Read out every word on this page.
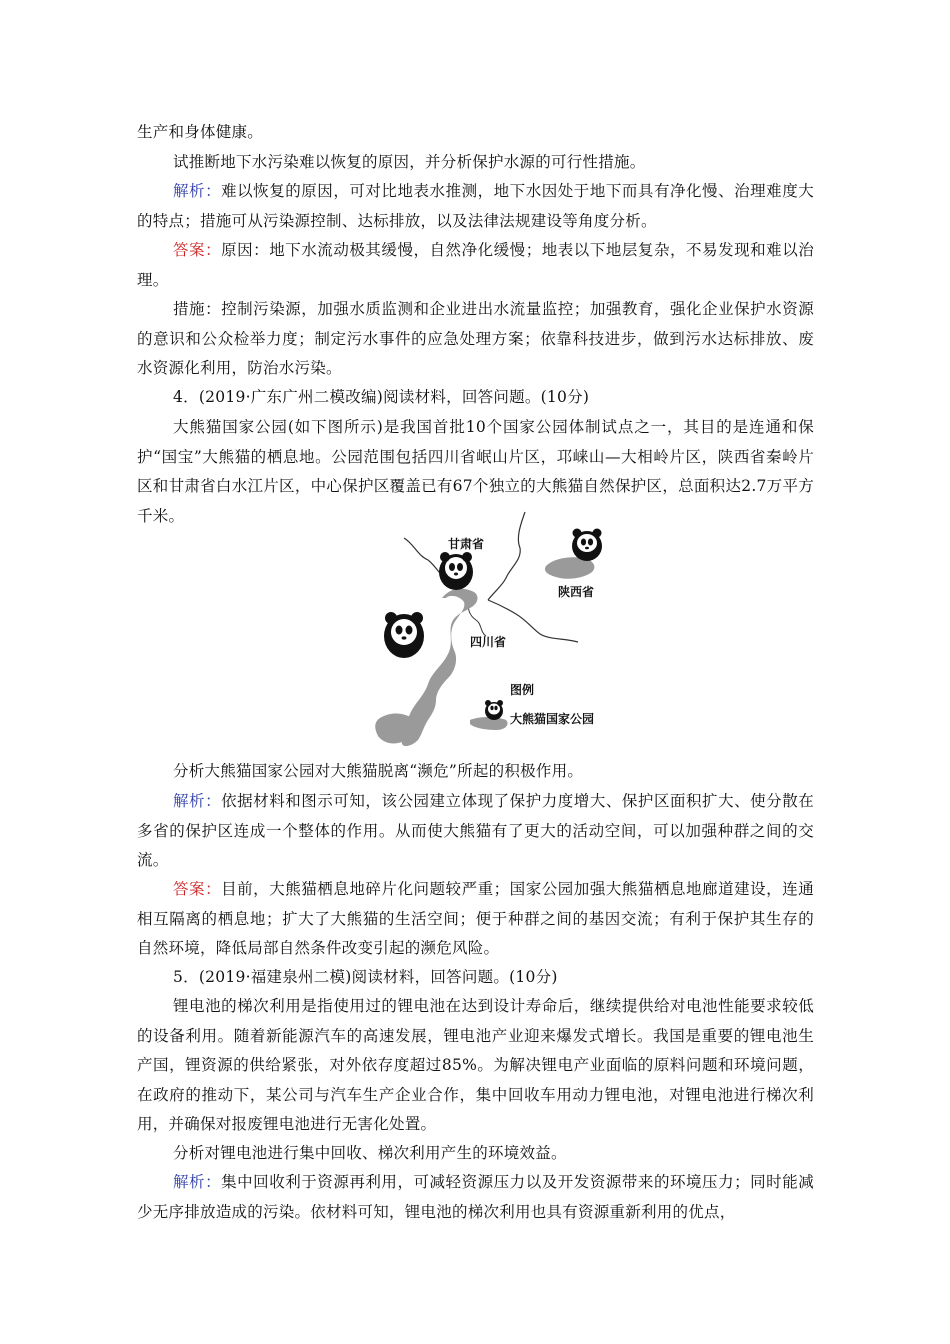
生产和身体健康。

试推断地下水污染难以恢复的原因，并分析保护水源的可行性措施。

解析：难以恢复的原因，可对比地表水推测，地下水因处于地下而具有净化慢、治理难度大的特点；措施可从污染源控制、达标排放，以及法律法规建设等角度分析。

答案：原因：地下水流动极其缓慢，自然净化缓慢；地表以下地层复杂，不易发现和难以治理。

措施：控制污染源，加强水质监测和企业进出水流量监控；加强教育，强化企业保护水资源的意识和公众检举力度；制定污水事件的应急处理方案；依靠科技进步，做到污水达标排放、废水资源化利用，防治水污染。

4．(2019·广东广州二模改编)阅读材料，回答问题。(10分)

大熊猫国家公园(如下图所示)是我国首批10个国家公园体制试点之一，其目的是连通和保护“国宝”大熊猫的栖息地。公园范围包括四川省岷山片区，邛崃山—大相岭片区，陕西省秦岭片区和甘肃省白水江片区，中心保护区覆盖已有67个独立的大熊猫自然保护区，总面积达2.7万平方千米。

甘肃省
陕西省
四川省
图例
大熊猫国家公园

分析大熊猫国家公园对大熊猫脱离“濒危”所起的积极作用。

解析：依据材料和图示可知，该公园建立体现了保护力度增大、保护区面积扩大、使分散在多省的保护区连成一个整体的作用。从而使大熊猫有了更大的活动空间，可以加强种群之间的交流。

答案：目前，大熊猫栖息地碎片化问题较严重；国家公园加强大熊猫栖息地廊道建设，连通相互隔离的栖息地；扩大了大熊猫的生活空间；便于种群之间的基因交流；有利于保护其生存的自然环境，降低局部自然条件改变引起的濒危风险。

5．(2019·福建泉州二模)阅读材料，回答问题。(10分)

锂电池的梯次利用是指使用过的锂电池在达到设计寿命后，继续提供给对电池性能要求较低的设备利用。随着新能源汽车的高速发展，锂电池产业迎来爆发式增长。我国是重要的锂电池生产国，锂资源的供给紧张，对外依存度超过85%。为解决锂电产业面临的原料问题和环境问题，在政府的推动下，某公司与汽车生产企业合作，集中回收车用动力锂电池，对锂电池进行梯次利用，并确保对报废锂电池进行无害化处置。

分析对锂电池进行集中回收、梯次利用产生的环境效益。

解析：集中回收利于资源再利用，可减轻资源压力以及开发资源带来的环境压力；同时能减少无序排放造成的污染。依材料可知，锂电池的梯次利用也具有资源重新利用的优点，
